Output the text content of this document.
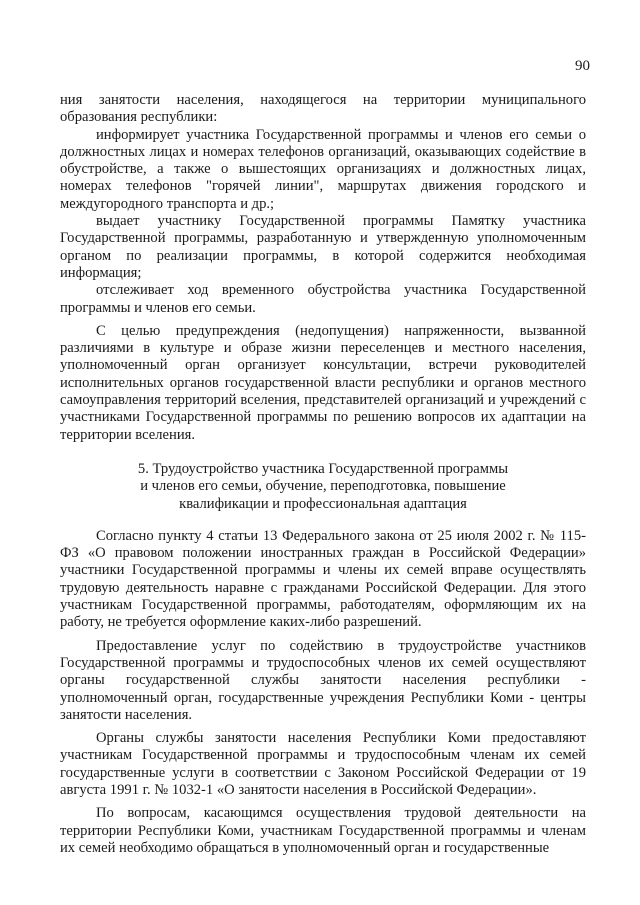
90

ния занятости населения, находящегося на территории муниципального образования республики:

информирует участника Государственной программы и членов его семьи о должностных лицах и номерах телефонов организаций, оказывающих содействие в обустройстве, а также о вышестоящих организациях и должностных лицах, номерах телефонов "горячей линии", маршрутах движения городского и междугородного транспорта и др.;

выдает участнику Государственной программы Памятку участника Государственной программы, разработанную и утвержденную уполномоченным органом по реализации программы, в которой содержится необходимая информация;

отслеживает ход временного обустройства участника Государственной программы и членов его семьи.

С целью предупреждения (недопущения) напряженности, вызванной различиями в культуре и образе жизни переселенцев и местного населения, уполномоченный орган организует консультации, встречи руководителей исполнительных органов государственной власти республики и органов местного самоуправления территорий вселения, представителей организаций и учреждений с участниками Государственной программы по решению вопросов их адаптации на территории вселения.

5. Трудоустройство участника Государственной программы
и членов его семьи, обучение, переподготовка, повышение
квалификации и профессиональная адаптация

Согласно пункту 4 статьи 13 Федерального закона от 25 июля 2002 г. № 115-ФЗ «О правовом положении иностранных граждан в Российской Федерации» участники Государственной программы и члены их семей вправе осуществлять трудовую деятельность наравне с гражданами Российской Федерации. Для этого участникам Государственной программы, работодателям, оформляющим их на работу, не требуется оформление каких-либо разрешений.

Предоставление услуг по содействию в трудоустройстве участников Государственной программы и трудоспособных членов их семей осуществляют органы государственной службы занятости населения республики - уполномоченный орган, государственные учреждения Республики Коми - центры занятости населения.

Органы службы занятости населения Республики Коми предоставляют участникам Государственной программы и трудоспособным членам их семей государственные услуги в соответствии с Законом Российской Федерации от 19 августа 1991 г. № 1032-1 «О занятости населения в Российской Федерации».

По вопросам, касающимся осуществления трудовой деятельности на территории Республики Коми, участникам Государственной программы и членам их семей необходимо обращаться в уполномоченный орган и государственные
